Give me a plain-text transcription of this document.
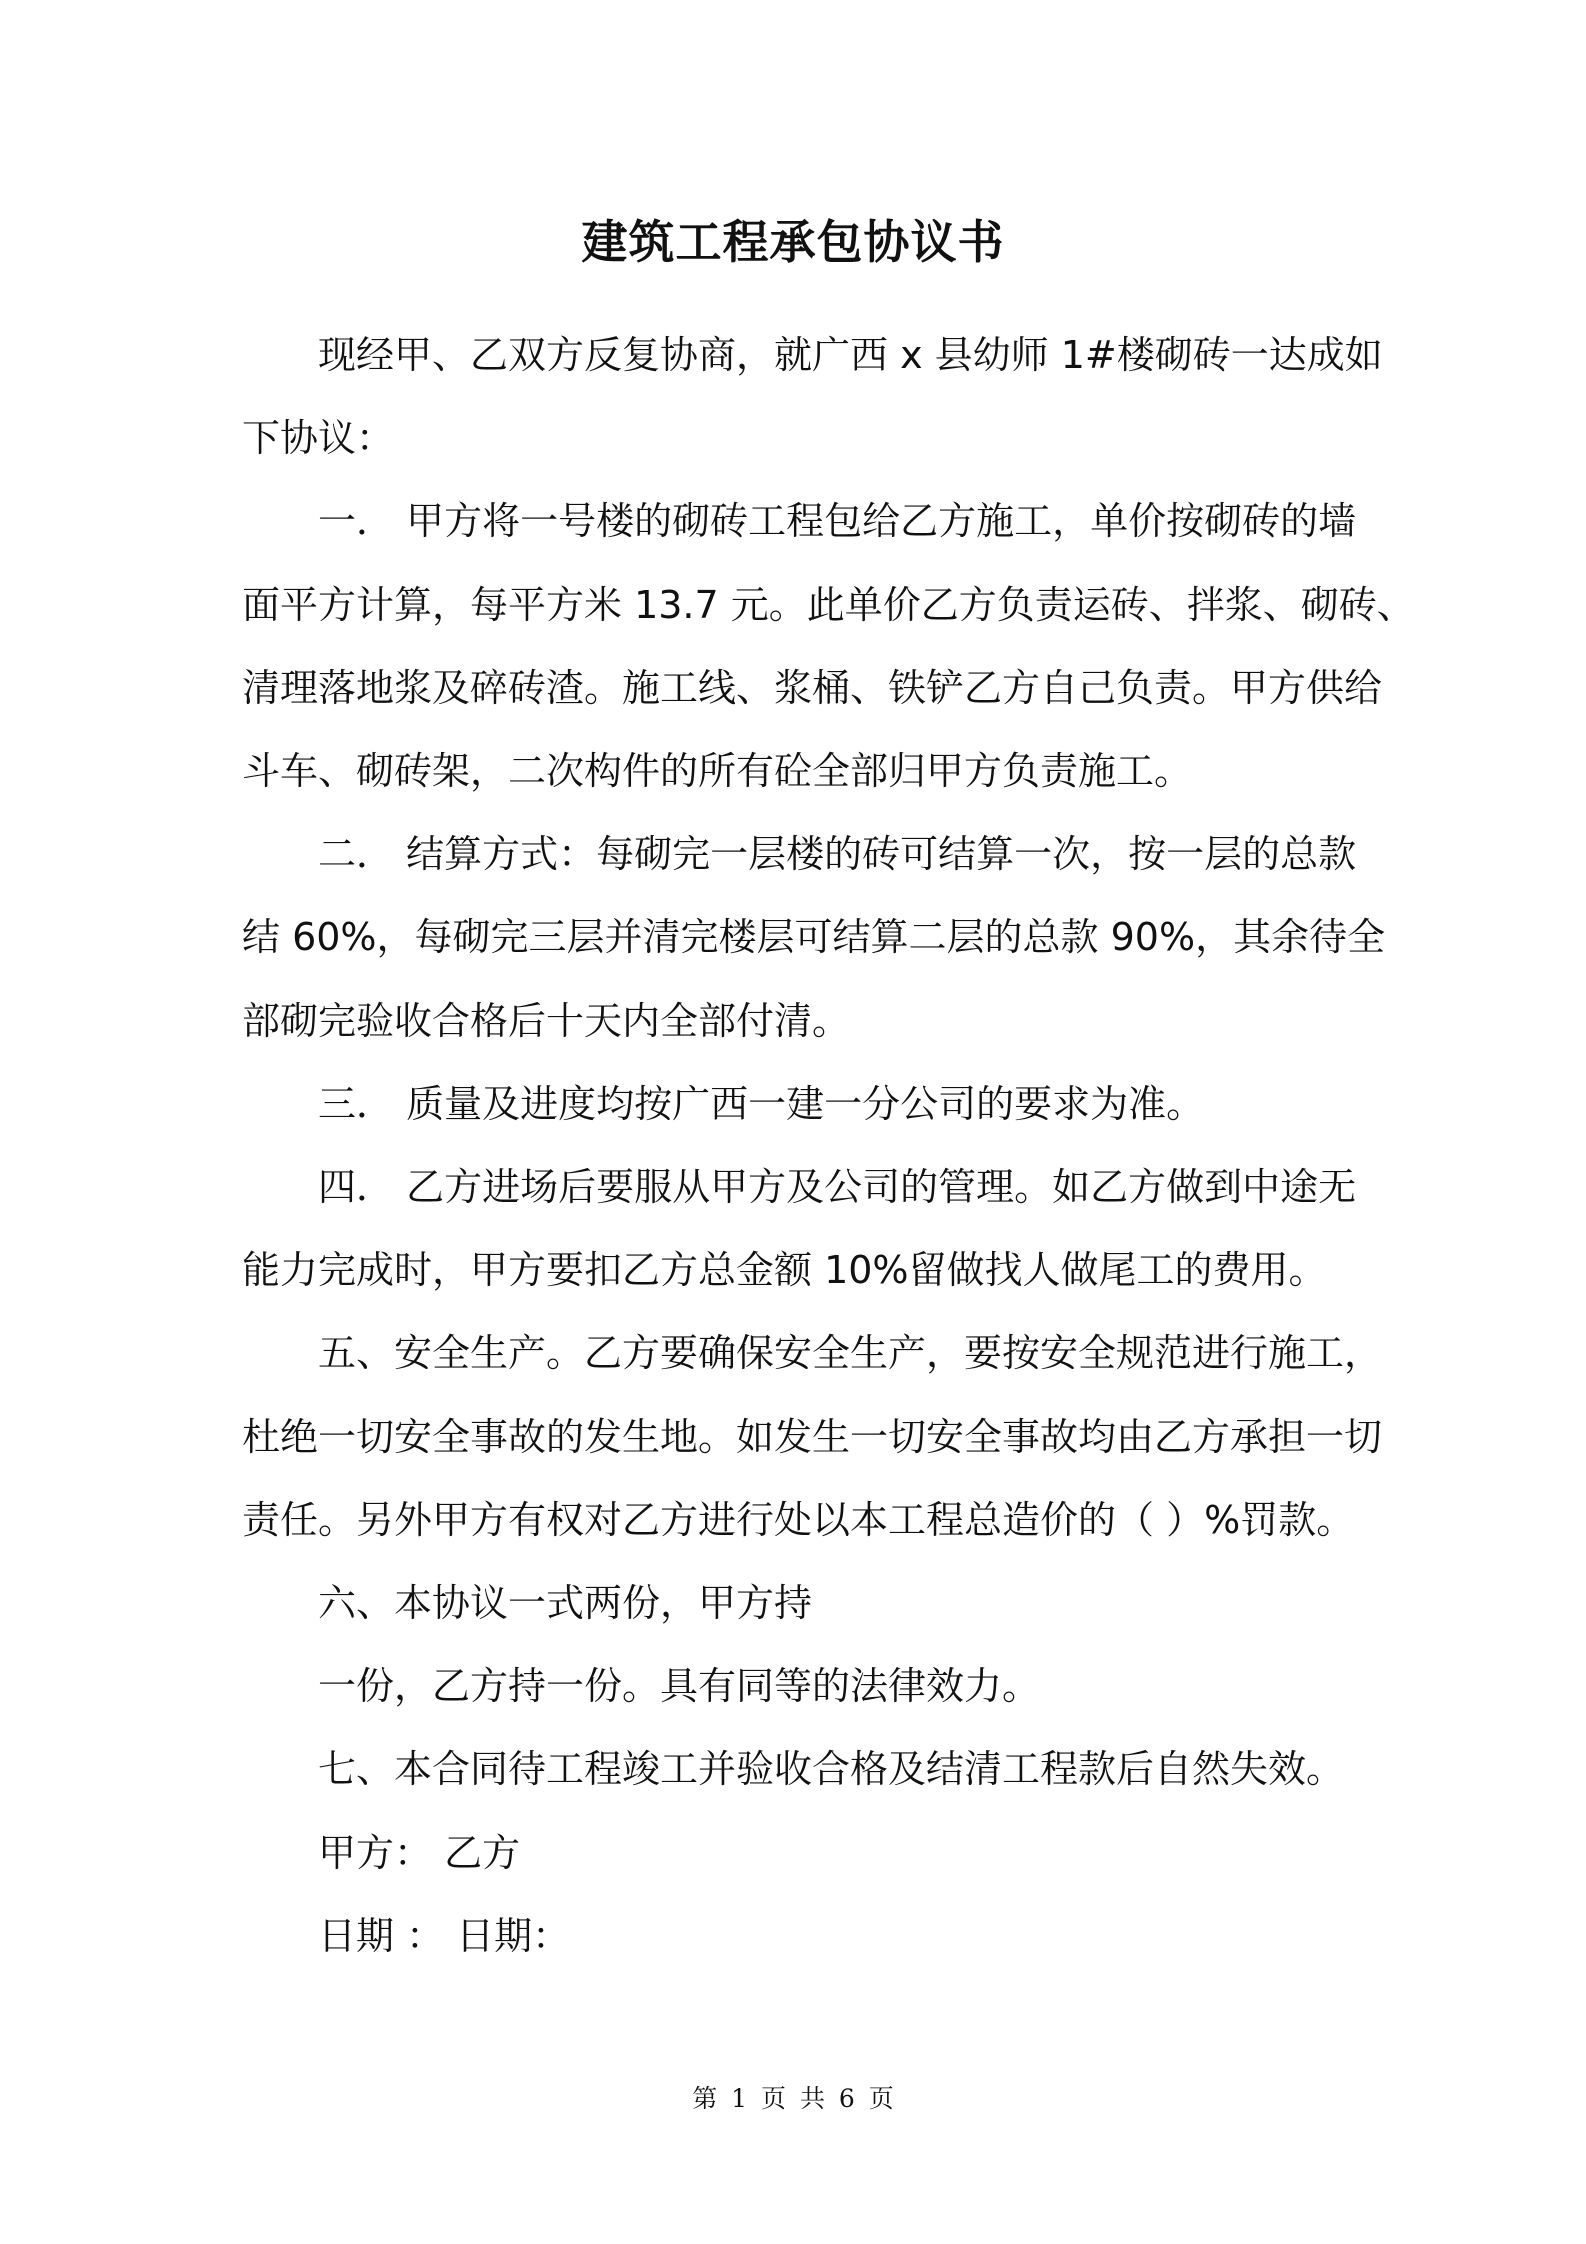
建筑工程承包协议书

现经甲、乙双方反复协商，就广西 x 县幼师 1#楼砌砖一达成如

下协议：

一． 甲方将一号楼的砌砖工程包给乙方施工，单价按砌砖的墙

面平方计算，每平方米 13.7 元。此单价乙方负责运砖、拌浆、砌砖、

清理落地浆及碎砖渣。施工线、浆桶、铁铲乙方自己负责。甲方供给

斗车、砌砖架，二次构件的所有砼全部归甲方负责施工。

二． 结算方式：每砌完一层楼的砖可结算一次，按一层的总款

结 60%，每砌完三层并清完楼层可结算二层的总款 90%，其余待全

部砌完验收合格后十天内全部付清。

三． 质量及进度均按广西一建一分公司的要求为准。

四． 乙方进场后要服从甲方及公司的管理。如乙方做到中途无

能力完成时，甲方要扣乙方总金额 10%留做找人做尾工的费用。

五、安全生产。乙方要确保安全生产，要按安全规范进行施工，

杜绝一切安全事故的发生地。如发生一切安全事故均由乙方承担一切

责任。另外甲方有权对乙方进行处以本工程总造价的（ ）%罚款。

六、本协议一式两份，甲方持

一份，乙方持一份。具有同等的法律效力。

七、本合同待工程竣工并验收合格及结清工程款后自然失效。

甲方： 乙方

日期 ： 日期：

第 1 页 共 6 页
